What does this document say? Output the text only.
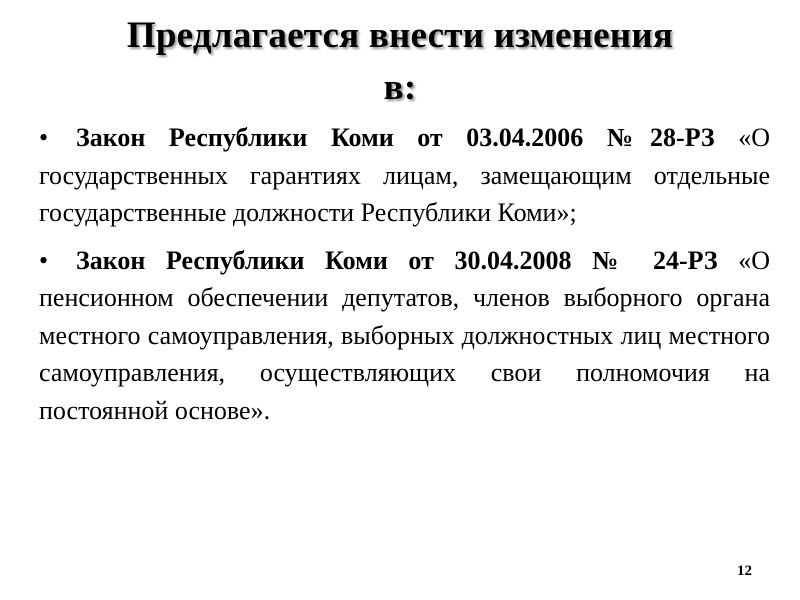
Предлагается внести изменения
в:
• Закон Республики Коми от 03.04.2006 №28-РЗ «О государственных гарантиях лицам, замещающим отдельные государственные должности Республики Коми»;
• Закон Республики Коми от 30.04.2008 № 24-РЗ «О пенсионном обеспечении депутатов, членов выборного органа местного самоуправления, выборных должностных лиц местного самоуправления, осуществляющих свои полномочия на постоянной основе».
12
